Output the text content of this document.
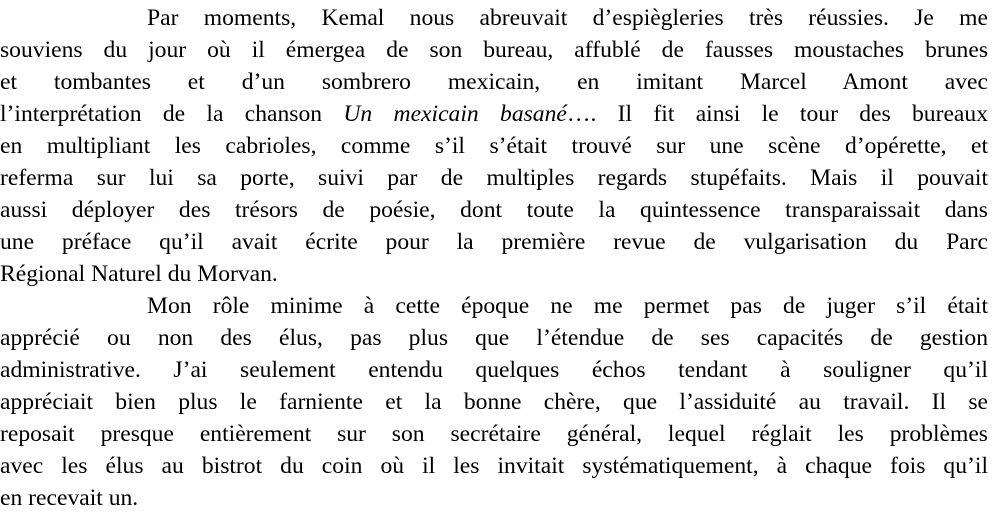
Par moments, Kemal nous abreuvait d’espiègleries très réussies. Je me

souviens du jour où il émergea de son bureau, affublé de fausses moustaches brunes

et tombantes et d’un sombrero mexicain, en imitant Marcel Amont avec

l’interprétation de la chanson Un mexicain basané…. Il fit ainsi le tour des bureaux

en multipliant les cabrioles, comme s’il s’était trouvé sur une scène d’opérette, et

referma sur lui sa porte, suivi par de multiples regards stupéfaits. Mais il pouvait

aussi déployer des trésors de poésie, dont toute la quintessence transparaissait dans

une préface qu’il avait écrite pour la première revue de vulgarisation du Parc

Régional Naturel du Morvan.

Mon rôle minime à cette époque ne me permet pas de juger s’il était

apprécié ou non des élus, pas plus que l’étendue de ses capacités de gestion

administrative. J’ai seulement entendu quelques échos tendant à souligner qu’il

appréciait bien plus le farniente et la bonne chère, que l’assiduité au travail. Il se

reposait presque entièrement sur son secrétaire général, lequel réglait les problèmes

avec les élus au bistrot du coin où il les invitait systématiquement, à chaque fois qu’il

en recevait un.
